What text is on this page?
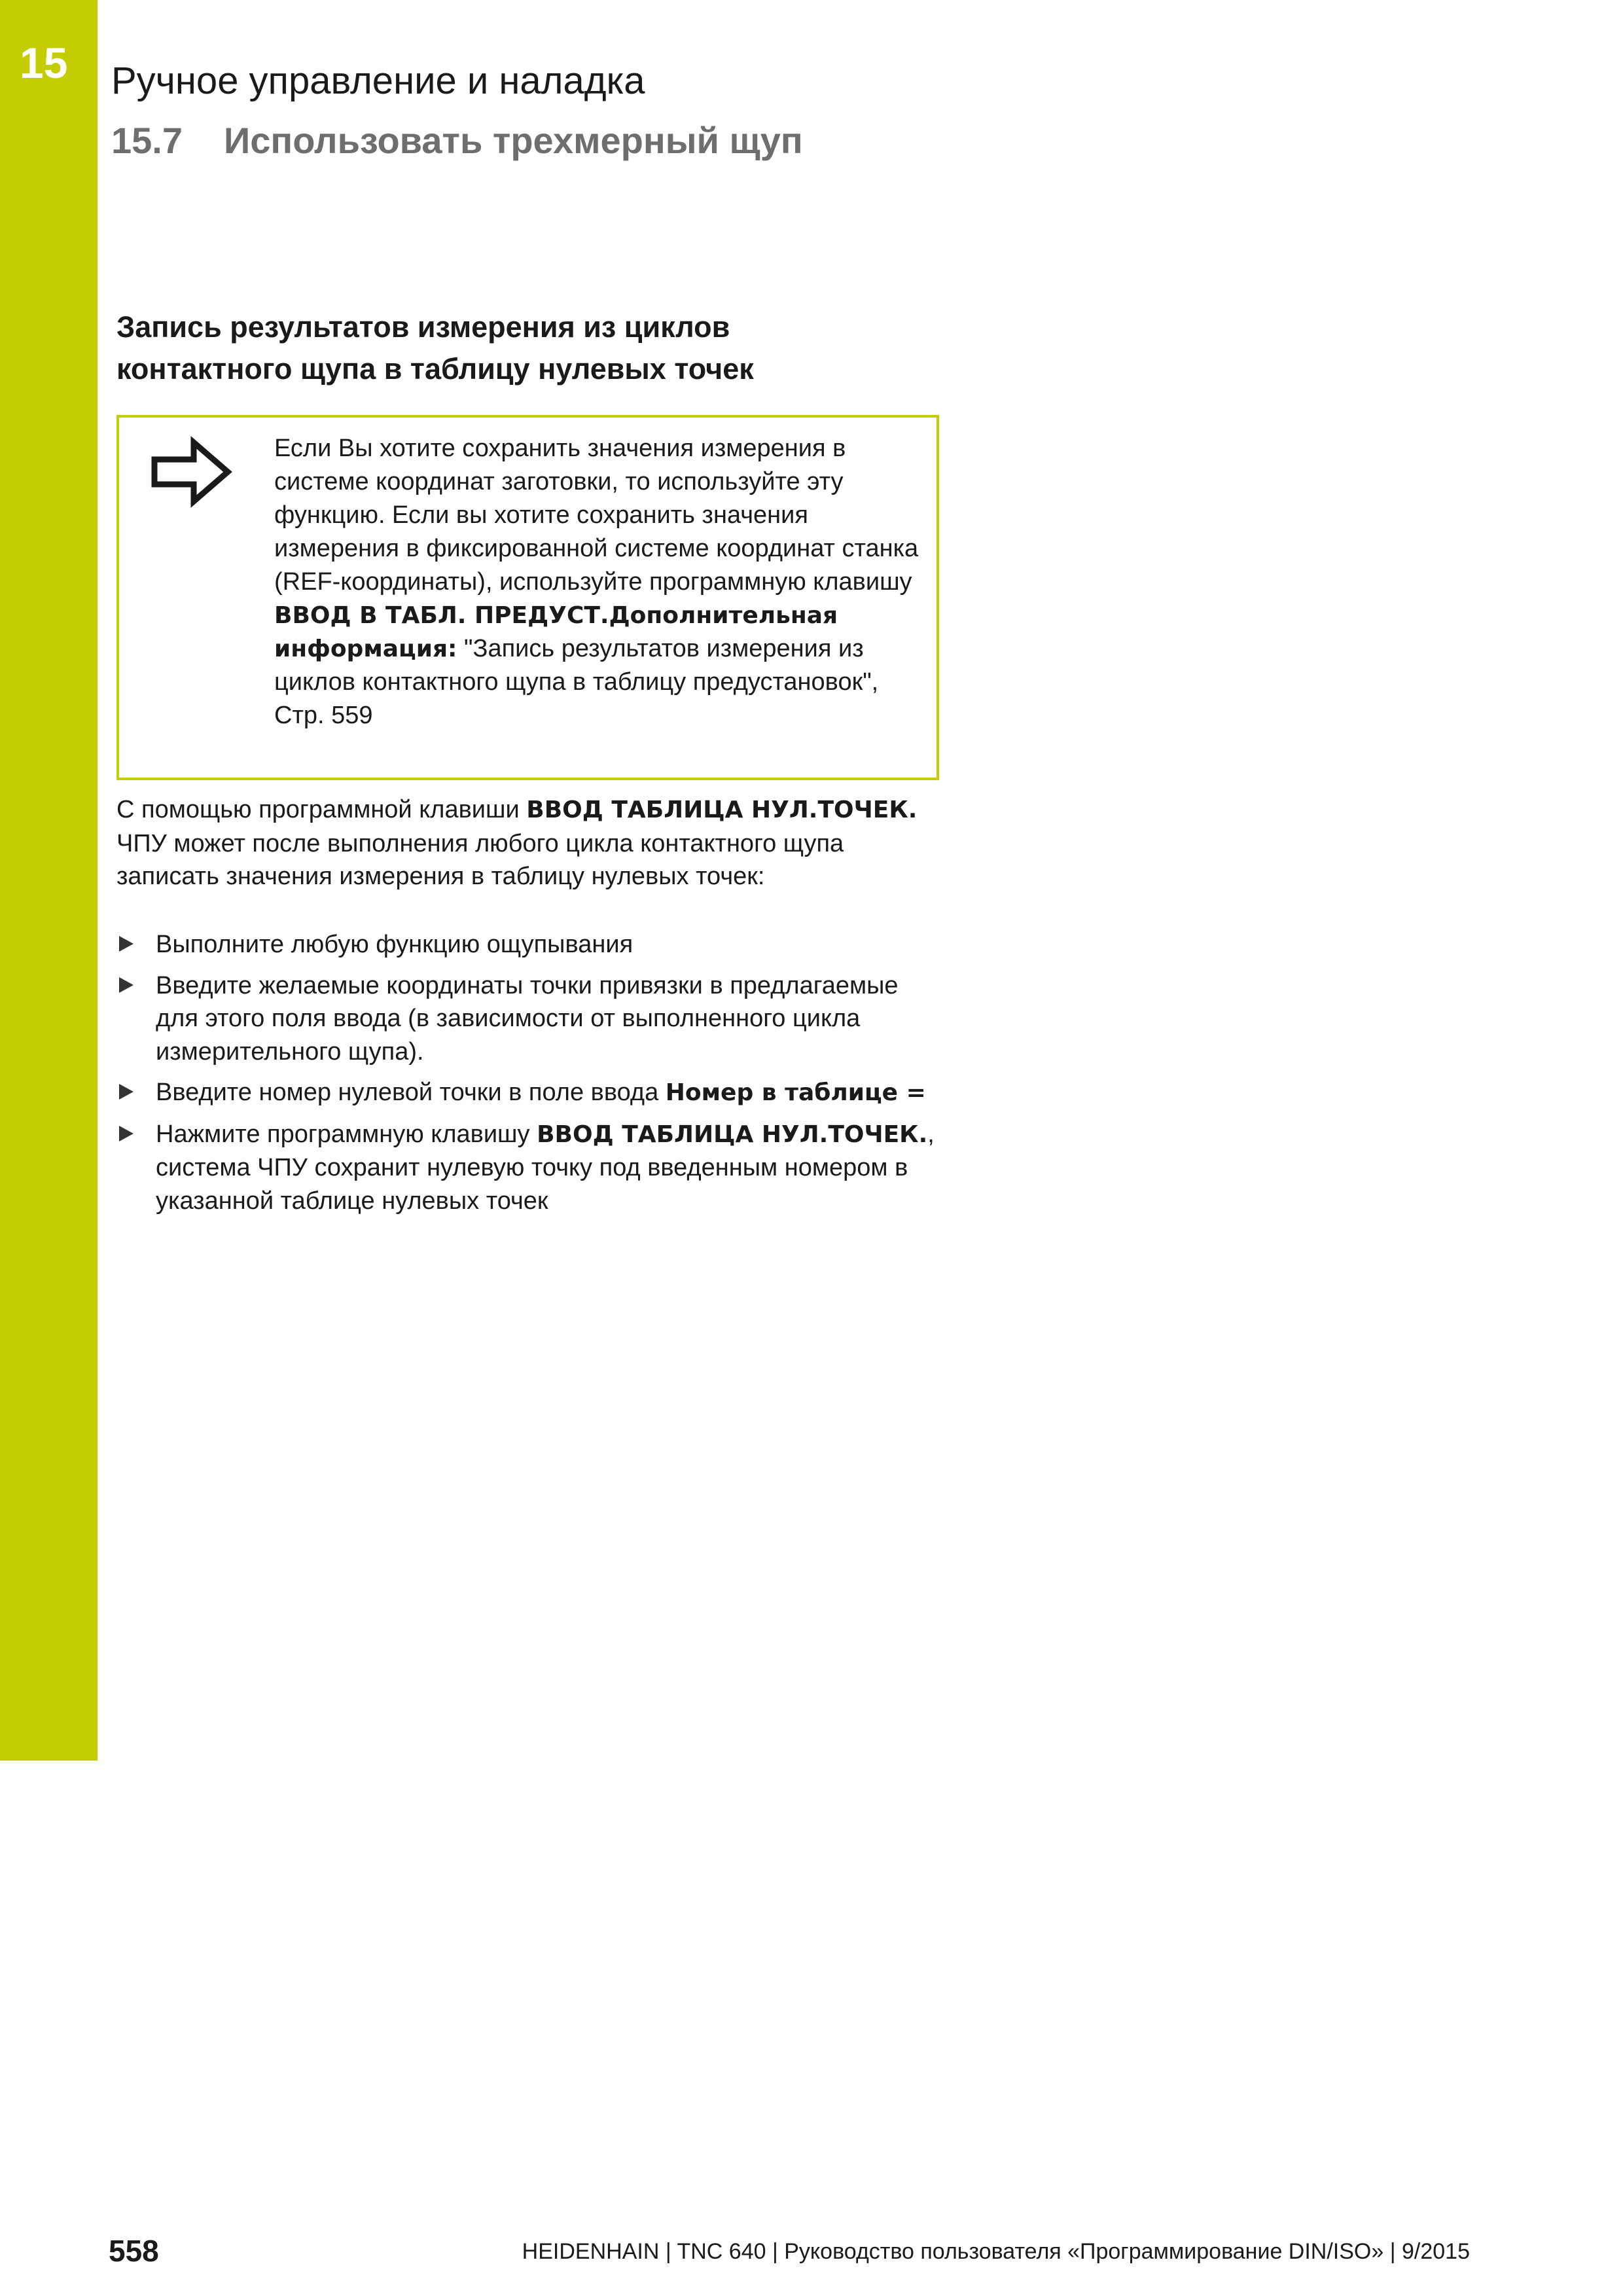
15 Ручное управление и наладка
15.7 Использовать трехмерный щуп
Запись результатов измерения из циклов
контактного щупа в таблицу нулевых точек
Если Вы хотите сохранить значения измерения в системе координат заготовки, то используйте эту функцию. Если вы хотите сохранить значения измерения в фиксированной системе координат станка (REF-координаты), используйте программную клавишу ВВОД В ТАБЛ. ПРЕДУСТ.Дополнительная информация: "Запись результатов измерения из циклов контактного щупа в таблицу предустановок", Стр. 559
С помощью программной клавиши ВВОД ТАБЛИЦА НУЛ.ТОЧЕК. ЧПУ может после выполнения любого цикла контактного щупа записать значения измерения в таблицу нулевых точек:
Выполните любую функцию ощупывания
Введите желаемые координаты точки привязки в предлагаемые для этого поля ввода (в зависимости от выполненного цикла измерительного щупа).
Введите номер нулевой точки в поле ввода Номер в таблице =
Нажмите программную клавишу ВВОД ТАБЛИЦА НУЛ.ТОЧЕК., система ЧПУ сохранит нулевую точку под введенным номером в указанной таблице нулевых точек
558	HEIDENHAIN | TNC 640 | Руководство пользователя «Программирование DIN/ISO» | 9/2015
